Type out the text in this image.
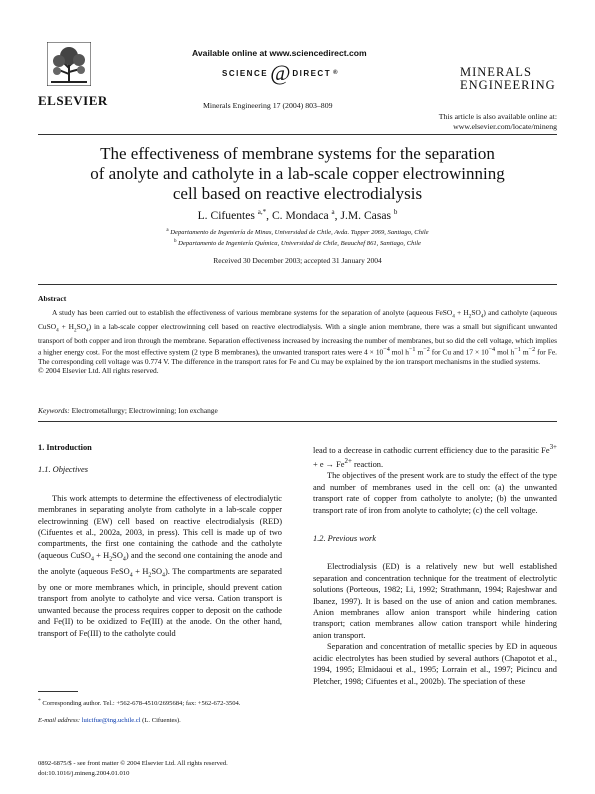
ELSEVIER
Available online at www.sciencedirect.com
SCIENCE @ DIRECT ®	MINERALS
ENGINEERING
Minerals Engineering 17 (2004) 803–809
This article is also available online at:
www.elsevier.com/locate/mineng
The effectiveness of membrane systems for the separation
of anolyte and catholyte in a lab-scale copper electrowinning
cell based on reactive electrodialysis
L. Cifuentes $^{a,*}$, C. Mondaca $^a$, J.M. Casas $^b$
$^a$ Departamento de Ingeniería de Minas, Universidad de Chile, Avda. Tupper 2069, Santiago, Chile
$^b$ Departamento de Ingeniería Química, Universidad de Chile, Beauchef 861, Santiago, Chile
Received 30 December 2003; accepted 31 January 2004
Abstract
A study has been carried out to establish the effectiveness of various membrane systems for the separation of anolyte (aqueous FeSO$_4$ + $H_2SO_4$) and catholyte (aqueous CuSO$_4$ + $H_2SO_4$) in a lab-scale copper electrowinning cell based on reactive electrodialysis. With a single anion membrane, there was a small but significant unwanted transport of both copper and iron through the membrane. Separation effectiveness increased by increasing the number of membranes, but so did the cell voltage, which implies a higher energy cost. For the most effective system (2 type B membranes), the unwanted transport rates were $4 \times 10^{-4}$ mol $h^{-1}$ $m^{-2}$ for Cu and $17 \times 10^{-4}$ mol $h^{-1}$ $m^{-2}$ for Fe. The corresponding cell voltage was 0.774 V. The difference in the transport rates for Fe and Cu may be explained by the ion transport mechanisms in the studied systems.
© 2004 Elsevier Ltd. All rights reserved.
Keywords: Electrometallurgy; Electrowinning; Ion exchange

1. Introduction

1.1. Objectives

This work attempts to determine the effectiveness of electrodialytic membranes in separating anolyte from catholyte in a lab-scale copper electrowinning (EW) cell based on reactive electrodialysis (RED) (Cifuentes et al., 2002a, 2003, in press). This cell is made up of two compartments, the first one containing the cathode and the catholyte (aqueous CuSO$_4$ + $H_2SO_4$) and the second one containing the anode and the anolyte (aqueous FeSO$_4$ + $H_2SO_4$). The compartments are separated by one or more membranes which, in principle, should prevent cation transport from anolyte to catholyte and vice versa. Cation transport is unwanted because the process requires copper to deposit on the cathode and Fe(II) to be oxidized to Fe(III) at the anode. On the other hand, transport of Fe(III) to the catholyte could

lead to a decrease in cathodic current efficiency due to the parasitic $Fe^{3+} + e \to Fe^{2+}$ reaction.

The objectives of the present work are to study the effect of the type and number of membranes used in the cell on: (a) the unwanted transport rate of copper from catholyte to anolyte; (b) the unwanted transport rate of iron from anolyte to catholyte; (c) the cell voltage.

1.2. Previous work

Electrodialysis (ED) is a relatively new but well established separation and concentration technique for the treatment of electrolytic solutions (Porteous, 1982; Li, 1992; Strathmann, 1994; Rajeshwar and Ibanez, 1997). It is based on the use of anion and cation membranes. Anion membranes allow anion transport while hindering cation transport; cation membranes allow cation transport while hindering anion transport.

Separation and concentration of metallic species by ED in aqueous acidic electrolytes has been studied by several authors (Chapotot et al., 1994, 1995; Elmidaoui et al., 1995; Lorrain et al., 1997; Picincu and Pletcher, 1998; Cifuentes et al., 2002b). The speciation of these

* Corresponding author. Tel.: +562-678-4510/2695684; fax: +562-672-3504.
E-mail address: luicifue@ing.uchile.cl (L. Cifuentes).
0892-6875/$ - see front matter © 2004 Elsevier Ltd. All rights reserved.
doi:10.1016/j.mineng.2004.01.010
